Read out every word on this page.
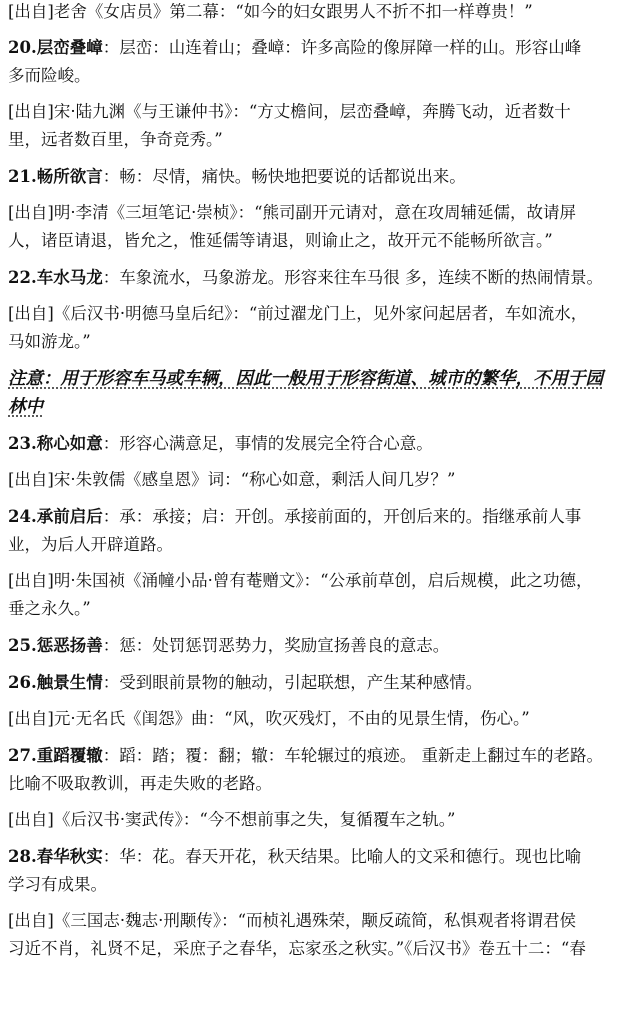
[出自]老舍《女店员》第二幕：“如今的妇女跟男人不折不扣一样尊贵！”
20.层峦叠嶂：层峦：山连着山；叠嶂：许多高险的像屏障一样的山。形容山峰
多而险峻。
[出自]宋·陆九渊《与王谦仲书》：“方丈檐间，层峦叠嶂，奔腾飞动，近者数十
里，远者数百里，争奇竞秀。”
21.畅所欲言：畅：尽情，痛快。畅快地把要说的话都说出来。
[出自]明·李清《三垣笔记·崇桢》：“熊司副开元请对，意在攻周辅延儒，故请屏
人，诸臣请退，皆允之，惟延儒等请退，则谕止之，故开元不能畅所欲言。”
22.车水马龙：车象流水，马象游龙。形容来往车马很 多，连续不断的热闹情景。
[出自]《后汉书·明德马皇后纪》：“前过濯龙门上，见外家问起居者，车如流水，
马如游龙。”
注意：用于形容车马或车辆，因此一般用于形容街道、城市的繁华，不用于园
林中
23.称心如意：形容心满意足，事情的发展完全符合心意。
[出自]宋·朱敦儒《感皇恩》词：“称心如意，剩活人间几岁？”
24.承前启后：承：承接；启：开创。承接前面的，开创后来的。指继承前人事
业，为后人开辟道路。
[出自]明·朱国祯《涌幢小品·曾有菴赠文》：“公承前草创，启后规模，此之功德，
垂之永久。”
25.惩恶扬善：惩：处罚惩罚恶势力，奖励宣扬善良的意志。
26.触景生情：受到眼前景物的触动，引起联想，产生某种感情。
[出自]元·无名氏《闺怨》曲：“风，吹灭残灯，不由的见景生情，伤心。”
27.重蹈覆辙：蹈：踏；覆：翻；辙：车轮辗过的痕迹。 重新走上翻过车的老路。
比喻不吸取教训，再走失败的老路。
[出自]《后汉书·窦武传》：“今不想前事之失，复循覆车之轨。”
28.春华秋实：华：花。春天开花，秋天结果。比喻人的文采和德行。现也比喻
学习有成果。
[出自]《三国志·魏志·刑颙传》：“而桢礼遇殊荣，颙反疏简，私惧观者将谓君侯
习近不肖，礼贤不足，采庶子之春华，忘家丞之秋实。”《后汉书》卷五十二：“春
